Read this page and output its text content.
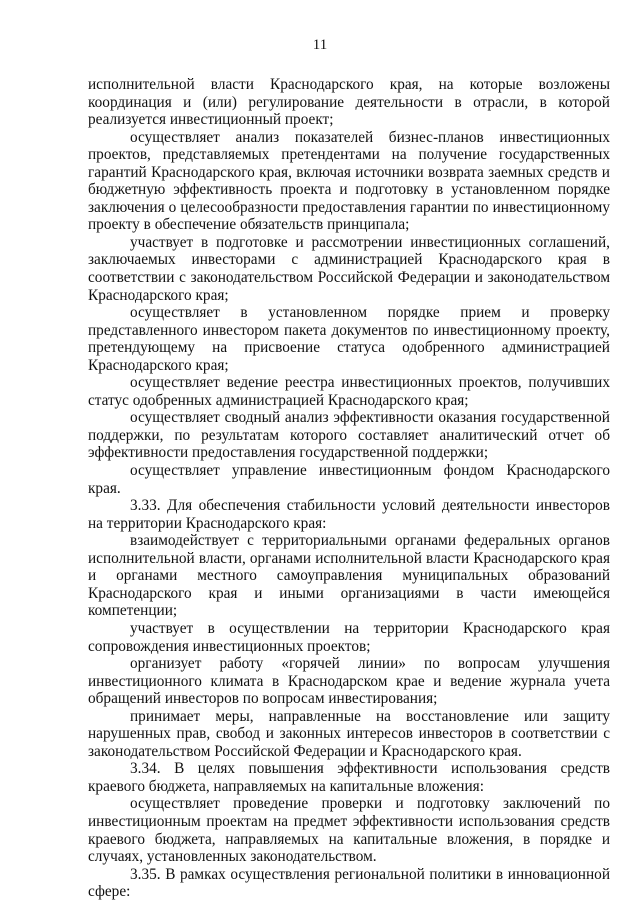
11

исполнительной власти Краснодарского края, на которые возложены координация и (или) регулирование деятельности в отрасли, в которой реализуется инвестиционный проект;

осуществляет анализ показателей бизнес-планов инвестиционных проектов, представляемых претендентами на получение государственных гарантий Краснодарского края, включая источники возврата заемных средств и бюджетную эффективность проекта и подготовку в установленном порядке заключения о целесообразности предоставления гарантии по инвестиционному проекту в обеспечение обязательств принципала;

участвует в подготовке и рассмотрении инвестиционных соглашений, заключаемых инвесторами с администрацией Краснодарского края в соответствии с законодательством Российской Федерации и законодательством Краснодарского края;

осуществляет в установленном порядке прием и проверку представленного инвестором пакета документов по инвестиционному проекту, претендующему на присвоение статуса одобренного администрацией Краснодарского края;

осуществляет ведение реестра инвестиционных проектов, получивших статус одобренных администрацией Краснодарского края;

осуществляет сводный анализ эффективности оказания государственной поддержки, по результатам которого составляет аналитический отчет об эффективности предоставления государственной поддержки;

осуществляет управление инвестиционным фондом Краснодарского края.

3.33. Для обеспечения стабильности условий деятельности инвесторов на территории Краснодарского края:

взаимодействует с территориальными органами федеральных органов исполнительной власти, органами исполнительной власти Краснодарского края и органами местного самоуправления муниципальных образований Краснодарского края и иными организациями в части имеющейся компетенции;

участвует в осуществлении на территории Краснодарского края сопровождения инвестиционных проектов;

организует работу «горячей линии» по вопросам улучшения инвестиционного климата в Краснодарском крае и ведение журнала учета обращений инвесторов по вопросам инвестирования;

принимает меры, направленные на восстановление или защиту нарушенных прав, свобод и законных интересов инвесторов в соответствии с законодательством Российской Федерации и Краснодарского края.

3.34. В целях повышения эффективности использования средств краевого бюджета, направляемых на капитальные вложения:

осуществляет проведение проверки и подготовку заключений по инвестиционным проектам на предмет эффективности использования средств краевого бюджета, направляемых на капитальные вложения, в порядке и случаях, установленных законодательством.

3.35. В рамках осуществления региональной политики в инновационной сфере:
